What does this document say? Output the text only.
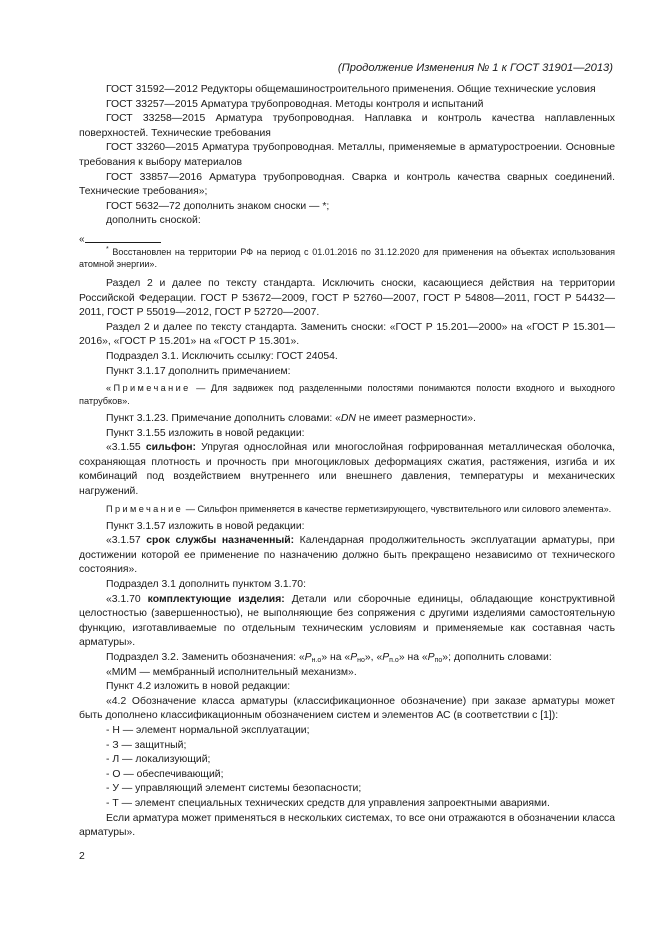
(Продолжение Изменения № 1 к ГОСТ 31901—2013)

ГОСТ 31592—2012 Редукторы общемашиностроительного применения. Общие технические условия

ГОСТ 33257—2015 Арматура трубопроводная. Методы контроля и испытаний

ГОСТ 33258—2015 Арматура трубопроводная. Наплавка и контроль качества наплавленных поверхностей. Технические требования

ГОСТ 33260—2015 Арматура трубопроводная. Металлы, применяемые в арматуростроении. Основные требования к выбору материалов

ГОСТ 33857—2016 Арматура трубопроводная. Сварка и контроль качества сварных соединений. Технические требования»;

ГОСТ 5632—72 дополнить знаком сноски — *;

дополнить сноской:

«

* Восстановлен на территории РФ на период с 01.01.2016 по 31.12.2020 для применения на объектах использования атомной энергии».

Раздел 2 и далее по тексту стандарта. Исключить сноски, касающиеся действия на территории Российской Федерации. ГОСТ Р 53672—2009, ГОСТ Р 52760—2007, ГОСТ Р 54808—2011, ГОСТ Р 54432—2011, ГОСТ Р 55019—2012, ГОСТ Р 52720—2007.

Раздел 2 и далее по тексту стандарта. Заменить сноски: «ГОСТ Р 15.201—2000» на «ГОСТ Р 15.301—2016», «ГОСТ Р 15.201» на «ГОСТ Р 15.301».

Подраздел 3.1. Исключить ссылку: ГОСТ 24054.

Пункт 3.1.17 дополнить примечанием:

«Примечание — Для задвижек под разделенными полостями понимаются полости входного и выходного патрубков».

Пункт 3.1.23. Примечание дополнить словами: «DN не имеет размерности».

Пункт 3.1.55 изложить в новой редакции:

«3.1.55 сильфон: Упругая однослойная или многослойная гофрированная металлическая оболочка, сохраняющая плотность и прочность при многоцикловых деформациях сжатия, растяжения, изгиба и их комбинаций под воздействием внутреннего или внешнего давления, температуры и механических нагружений.

Примечание — Сильфон применяется в качестве герметизирующего, чувствительного или силового элемента».

Пункт 3.1.57 изложить в новой редакции:

«3.1.57 срок службы назначенный: Календарная продолжительность эксплуатации арматуры, при достижении которой ее применение по назначению должно быть прекращено независимо от технического состояния».

Подраздел 3.1 дополнить пунктом 3.1.70:

«3.1.70 комплектующие изделия: Детали или сборочные единицы, обладающие конструктивной целостностью (завершенностью), не выполняющие без сопряжения с другими изделиями самостоятельную функцию, изготавливаемые по отдельным техническим условиям и применяемые как составная часть арматуры».

Подраздел 3.2. Заменить обозначения: «$Р_{н.о}$» на «$Р_{но}$», «$Р_{п.о}$» на «$Р_{по}$»; дополнить словами:

«МИМ — мембранный исполнительный механизм».

Пункт 4.2 изложить в новой редакции:

«4.2 Обозначение класса арматуры (классификационное обозначение) при заказе арматуры может быть дополнено классификационным обозначением систем и элементов АС (в соответствии с [1]):

- Н — элемент нормальной эксплуатации;

- З — защитный;

- Л — локализующий;

- О — обеспечивающий;

- У — управляющий элемент системы безопасности;

- Т — элемент специальных технических средств для управления запроектными авариями.

Если арматура может применяться в нескольких системах, то все они отражаются в обозначении класса арматуры».

2
